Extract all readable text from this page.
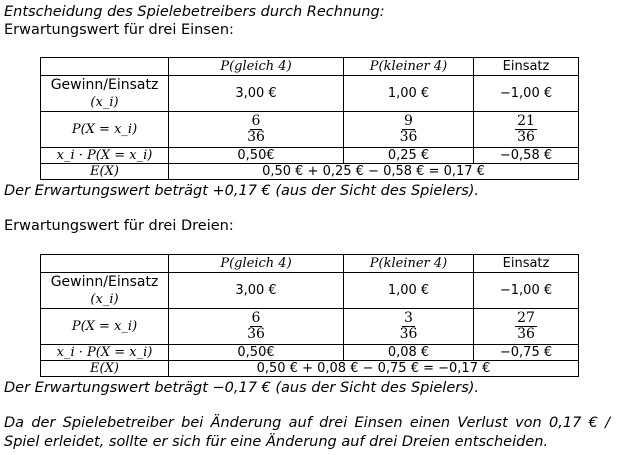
Entscheidung des Spielebetreibers durch Rechnung:
Erwartungswert für drei Einsen:
	P(gleich 4)	P(kleiner 4)	Einsatz

Gewinn/Einsatz
(x_i)	3,00 €	1,00 €	−1,00 €
P(X = x_i)	$\frac{6}{36}$	$\frac{9}{36}$	$\frac{21}{36}$

x_i · P(X = x_i)	0,50€	0,25 €	−0,58 €
E(X)	0,50 € + 0,25 € − 0,58 € = 0,17 €		
Der Erwartungswert beträgt +0,17 € (aus der Sicht des Spielers).
Erwartungswert für drei Dreien:
	P(gleich 4)	P(kleiner 4)	Einsatz

Gewinn/Einsatz
(x_i)	3,00 €	1,00 €	−1,00 €
P(X = x_i)	$\frac{6}{36}$	$\frac{3}{36}$	$\frac{27}{36}$

x_i · P(X = x_i)	0,50€	0,08 €	−0,75 €
E(X)	0,50 € + 0,08 € − 0,75 € = −0,17 €		
Der Erwartungswert beträgt −0,17 € (aus der Sicht des Spielers).
Da der Spielebetreiber bei Änderung auf drei Einsen einen Verlust von 0,17 € / Spiel erleidet, sollte er sich für eine Änderung auf drei Dreien entscheiden.
